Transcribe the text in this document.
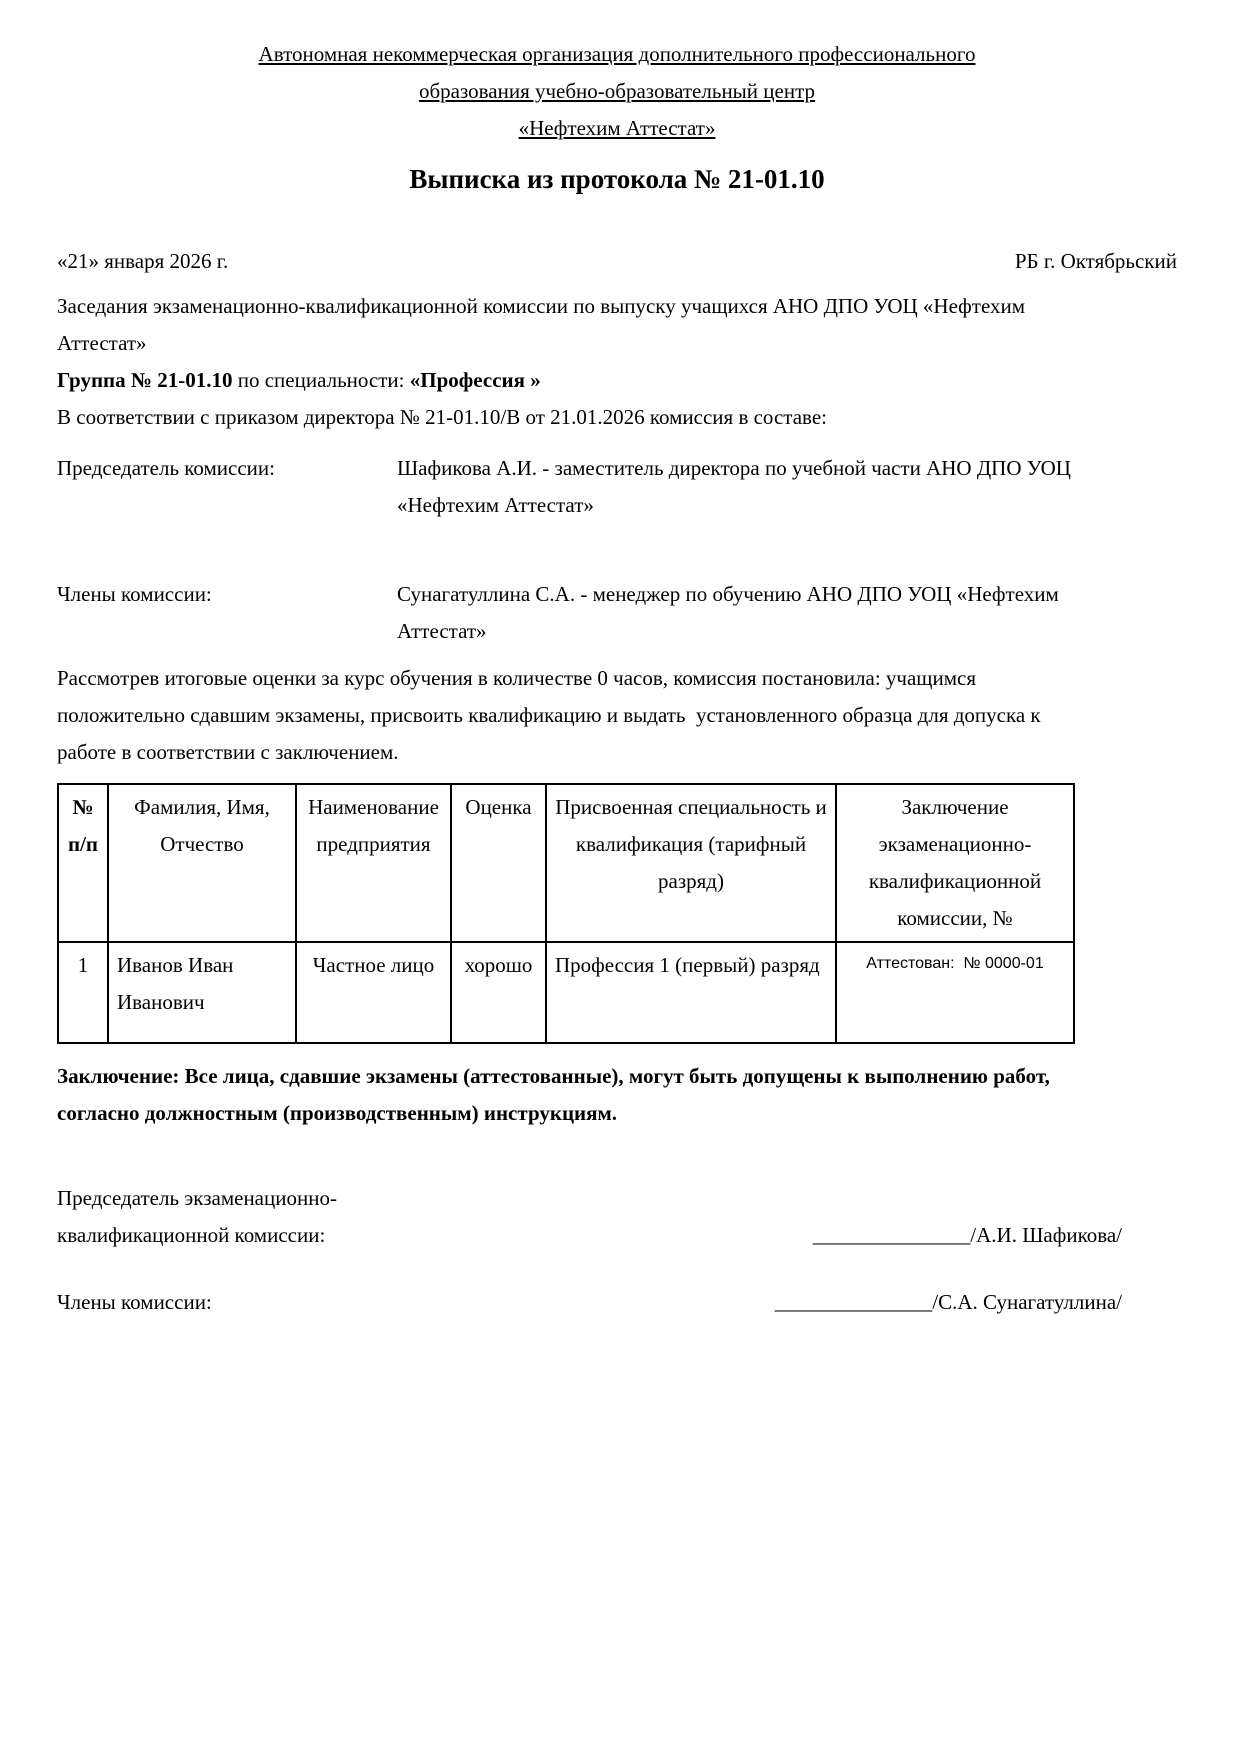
Автономная некоммерческая организация дополнительного профессионального
образования учебно-образовательный центр
«Нефтехим Аттестат»
Выписка из протокола № 21-01.10
«21» января 2026 г.	РБ г. Октябрьский
Заседания экзаменационно-квалификационной комиссии по выпуску учащихся АНО ДПО УОЦ «Нефтехим
Аттестат»
Группа № 21-01.10 по специальности: «Профессия »
В соответствии с приказом директора № 21-01.10/В от 21.01.2026 комиссия в составе:
Председатель комиссии:	Шафикова А.И. - заместитель директора по учебной части АНО ДПО УОЦ
«Нефтехим Аттестат»
Члены комиссии:	Сунагатуллина С.А. - менеджер по обучению АНО ДПО УОЦ «Нефтехим
Аттестат»
Рассмотрев итоговые оценки за курс обучения в количестве 0 часов, комиссия постановила: учащимся
положительно сдавшим экзамены, присвоить квалификацию и выдать  установленного образца для допуска к
работе в соответствии с заключением.
№ п/п	Фамилия, Имя, Отчество	Наименование предприятия	Оценка	Присвоенная специальность и квалификация (тарифный разряд)	Заключение экзаменационно-квалификационной комиссии, №
1	Иванов Иван Иванович	Частное лицо	хорошо	Профессия 1 (первый) разряд	Аттестован:  № 0000-01
Заключение: Все лица, сдавшие экзамены (аттестованные), могут быть допущены к выполнению работ,
согласно должностным (производственным) инструкциям.
Председатель экзаменационно-
квалификационной комиссии:	_______________/А.И. Шафикова/
Члены комиссии:	_______________/С.А. Сунагатуллина/
